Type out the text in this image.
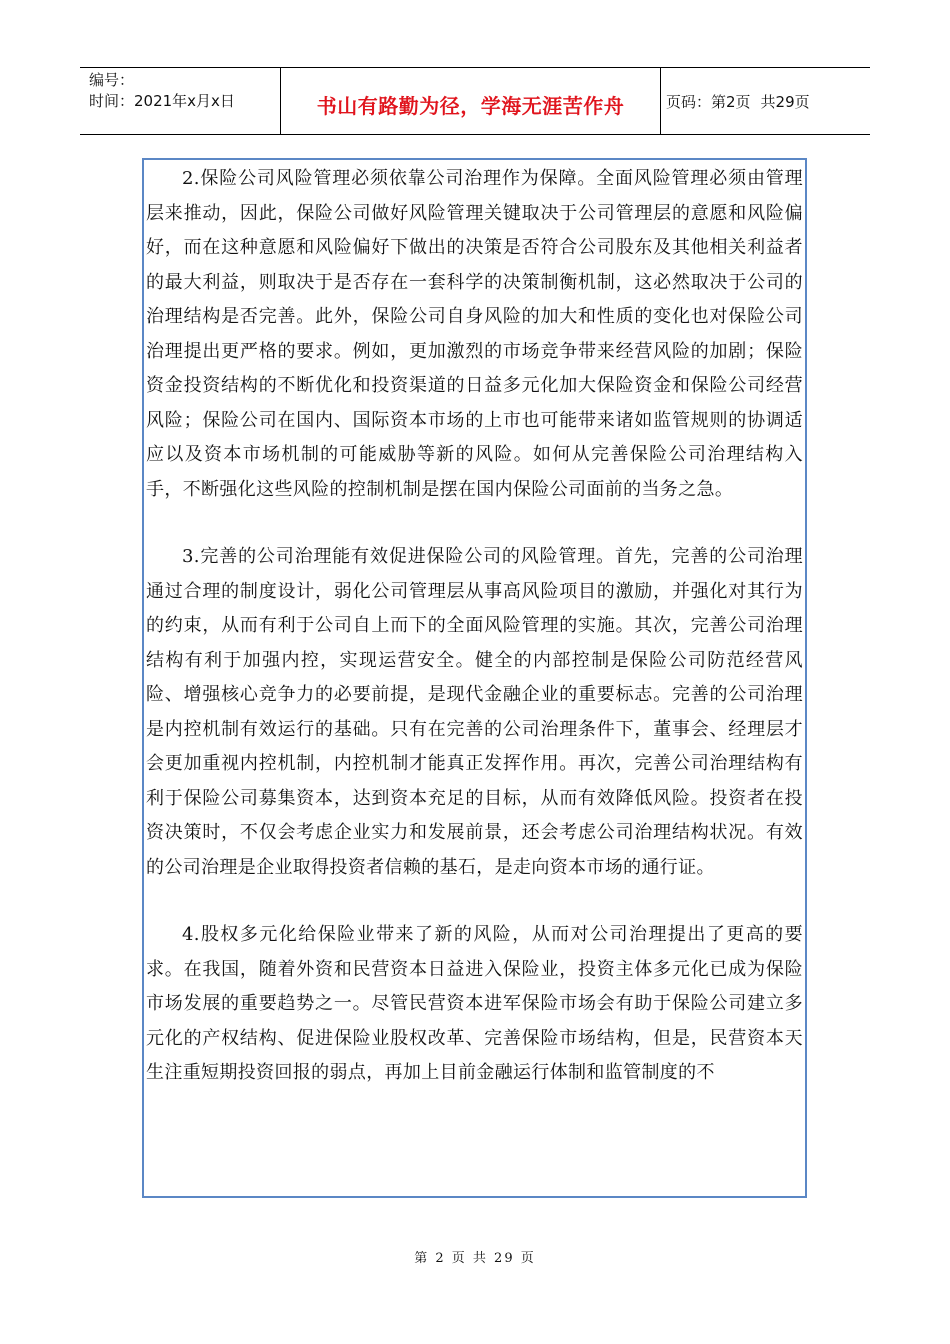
编号：
时间：2021年x月x日	书山有路勤为径，学海无涯苦作舟	页码：第2页 共29页

2.保险公司风险管理必须依靠公司治理作为保障。全面风险管理必须由管理层来推动，因此，保险公司做好风险管理关键取决于公司管理层的意愿和风险偏好，而在这种意愿和风险偏好下做出的决策是否符合公司股东及其他相关利益者的最大利益，则取决于是否存在一套科学的决策制衡机制，这必然取决于公司的治理结构是否完善。此外，保险公司自身风险的加大和性质的变化也对保险公司治理提出更严格的要求。例如，更加激烈的市场竞争带来经营风险的加剧；保险资金投资结构的不断优化和投资渠道的日益多元化加大保险资金和保险公司经营风险；保险公司在国内、国际资本市场的上市也可能带来诸如监管规则的协调适应以及资本市场机制的可能威胁等新的风险。如何从完善保险公司治理结构入手，不断强化这些风险的控制机制是摆在国内保险公司面前的当务之急。

3.完善的公司治理能有效促进保险公司的风险管理。首先，完善的公司治理通过合理的制度设计，弱化公司管理层从事高风险项目的激励，并强化对其行为的约束，从而有利于公司自上而下的全面风险管理的实施。其次，完善公司治理结构有利于加强内控，实现运营安全。健全的内部控制是保险公司防范经营风险、增强核心竞争力的必要前提，是现代金融企业的重要标志。完善的公司治理是内控机制有效运行的基础。只有在完善的公司治理条件下，董事会、经理层才会更加重视内控机制，内控机制才能真正发挥作用。再次，完善公司治理结构有利于保险公司募集资本，达到资本充足的目标，从而有效降低风险。投资者在投资决策时，不仅会考虑企业实力和发展前景，还会考虑公司治理结构状况。有效的公司治理是企业取得投资者信赖的基石，是走向资本市场的通行证。

4.股权多元化给保险业带来了新的风险，从而对公司治理提出了更高的要求。在我国，随着外资和民营资本日益进入保险业，投资主体多元化已成为保险市场发展的重要趋势之一。尽管民营资本进军保险市场会有助于保险公司建立多元化的产权结构、促进保险业股权改革、完善保险市场结构，但是，民营资本天生注重短期投资回报的弱点，再加上目前金融运行体制和监管制度的不

第 2 页 共 29 页
